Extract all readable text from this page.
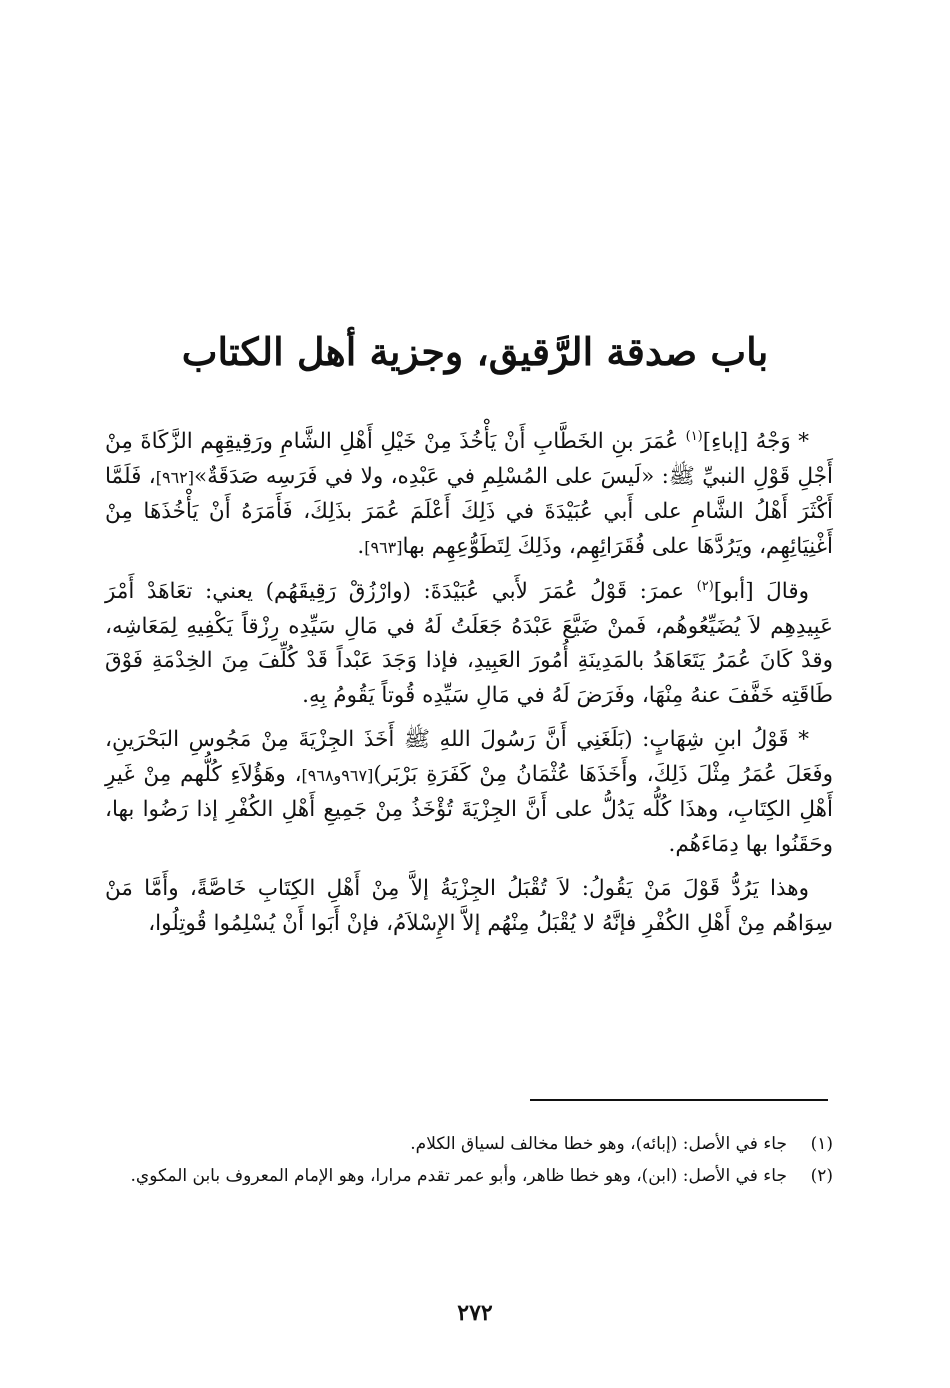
باب صدقة الرَّقيق، وجزية أهل الكتاب

* وَجْهُ [إباءِ]$^{(١)}$ عُمَرَ بنِ الخَطَّابِ أَنْ يَأْخُذَ مِنْ خَيْلِ أَهْلِ الشَّامِ ورَقِيقِهِم الزَّكَاةَ مِنْ أَجْلِ قَوْلِ النبيِّ ﷺ: «لَيسَ على المُسْلِمِ في عَبْدِه، ولا في فَرَسِه صَدَقَةٌ»[٩٦٢]، فَلَمَّا أَكْثَرَ أَهْلُ الشَّامِ على أَبي عُبَيْدَةَ في ذَلِكَ أَعْلَمَ عُمَرَ بذَلِكَ، فَأَمَرَهُ أَنْ يَأْخُذَهَا مِنْ أَغْنِيَائِهِم، ويَرُدَّهَا على فُقَرَائِهِم، وذَلِكَ لِتَطَوُّعِهِم بها[٩٦٣].

وقالَ [أبو]$^{(٢)}$ عمرَ: قَوْلُ عُمَرَ لأَبي عُبَيْدَةَ: (وارْزُقْ رَقِيقَهُم) يعني: تعَاهَدْ أَمْرَ عَبِيدِهِم لاَ يُضَيِّعُوهُم، فَمنْ ضَيَّعَ عَبْدَهُ جَعَلَتُ لَهُ في مَالِ سَيِّدِه رِزْقاً يَكْفِيهِ لِمَعَاشِه، وقدْ كَانَ عُمَرُ يَتَعَاهَدُ بالمَدِينَةِ أُمُورَ العَبِيدِ، فإذا وَجَدَ عَبْداً قَدْ كُلِّفَ مِنَ الخِدْمَةِ فَوْقَ طَاقَتِه خَفَّفَ عنهُ مِنْهَا، وفَرَضَ لَهُ في مَالِ سَيِّدِه قُوتاً يَقُومُ بِهِ.

* قَوْلُ ابنِ شِهَابٍ: (بَلَغَنِي أَنَّ رَسُولَ اللهِ ﷺ أَخَذَ الجِزْيَةَ مِنْ مَجُوسِ البَحْرَينِ، وفَعَلَ عُمَرُ مِثْلَ ذَلِكَ، وأَخَذَهَا عُثْمَانُ مِنْ كَفَرَةِ بَرْبَر)[٩٦٧و٩٦٨]، وهَؤُلاَءِ كُلُّهم مِنْ غَيرِ أَهْلِ الكِتَابِ، وهذَا كُلُّه يَدُلُّ على أَنَّ الجِزْيَةَ تُؤْخَذُ مِنْ جَمِيعِ أَهْلِ الكُفْرِ إذا رَضُوا بها، وحَقَنُوا بها دِمَاءَهُم.

وهذا يَرُدُّ قَوْلَ مَنْ يَقُولُ: لاَ تُقْبَلُ الجِزْيَةُ إلاَّ مِنْ أَهْلِ الكِتَابِ خَاصَّةً، وأَمَّا مَنْ سِوَاهُم مِنْ أَهْلِ الكُفْرِ فإنَّهُ لا يُقْبَلُ مِنْهُم إلاَّ الإِسْلاَمُ، فإنْ أَبَوا أَنْ يُسْلِمُوا قُوتِلُوا،

(١)
جاء في الأصل: (إبائه)، وهو خطا مخالف لسياق الكلام.
(٢)
جاء في الأصل: (ابن)، وهو خطا ظاهر، وأبو عمر تقدم مرارا، وهو الإمام المعروف بابن المكوي.
٢٧٢
